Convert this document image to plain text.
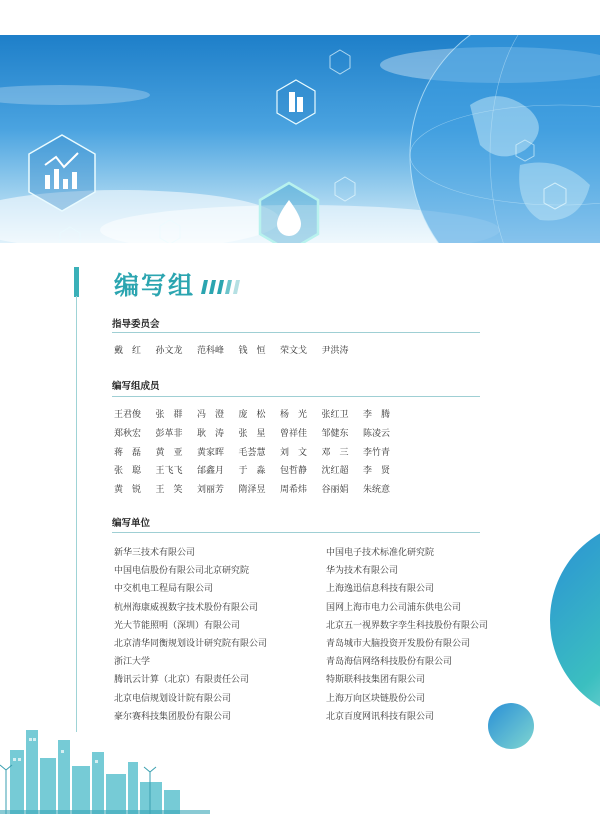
编写组
指导委员会
戴　红 孙文龙 范科峰 钱　恒 荣文戈 尹洪涛
编写组成员
王君俊 张　群 冯　澄 庞　松 杨　光 张红卫 李　腾
郑秋宏 彭革非 耿　涛 张　星 曾祥佳 邹健东 陈凌云
蒋　磊 黄　亚 黄家晖 毛荟慧 刘　文 邓　三 李竹青
张　聪 王飞飞 邰鑫月 于　淼 包哲静 沈红超 李　贤
黄　锐 王　笑 刘丽芳 隋泽昱 周希炜 谷丽娟 朱统意
编写单位
新华三技术有限公司
中国电信股份有限公司北京研究院
中交机电工程局有限公司
杭州海康威视数字技术股份有限公司
光大节能照明（深圳）有限公司
北京清华同衡规划设计研究院有限公司
浙江大学
腾讯云计算（北京）有限责任公司
北京电信规划设计院有限公司
豪尔赛科技集团股份有限公司
中国电子技术标准化研究院
华为技术有限公司
上海逸迅信息科技有限公司
国网上海市电力公司浦东供电公司
北京五一视界数字孪生科技股份有限公司
青岛城市大脑投资开发股份有限公司
青岛海信网络科技股份有限公司
特斯联科技集团有限公司
上海万向区块链股份公司
北京百度网讯科技有限公司
